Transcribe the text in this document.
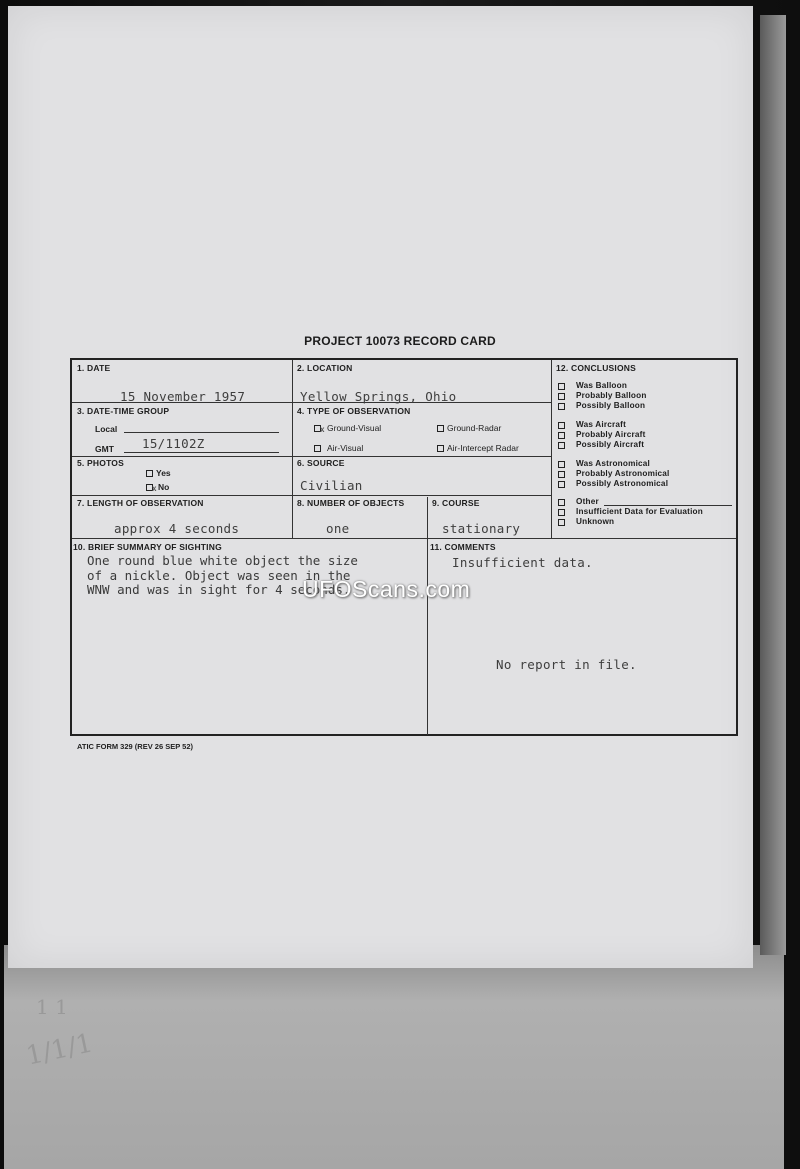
1 1
1/1/1
PROJECT 10073 RECORD CARD
1. DATE
15 November 1957
2. LOCATION
Yellow Springs, Ohio
3. DATE-TIME GROUP
Local
GMT 15/1102Z
4. TYPE OF OBSERVATION
x Ground-Visual	Ground-Radar
Air-Visual	Air-Intercept Radar
5. PHOTOS
Yes
x No
6. SOURCE
Civilian
7. LENGTH OF OBSERVATION
approx 4 seconds
8. NUMBER OF OBJECTS
one
9. COURSE
stationary
10. BRIEF SUMMARY OF SIGHTING
One round blue white object the size
of a nickle. Object was seen in the
WNW and was in sight for 4 seconds.
11. COMMENTS
Insufficient data.
No report in file.
12. CONCLUSIONS
Was Balloon
Probably Balloon
Possibly Balloon
Was Aircraft
Probably Aircraft
Possibly Aircraft
Was Astronomical
Probably Astronomical
Possibly Astronomical
Other
Insufficient Data for Evaluation
Unknown
UFOScans.com
ATIC FORM 329 (REV 26 SEP 52)
